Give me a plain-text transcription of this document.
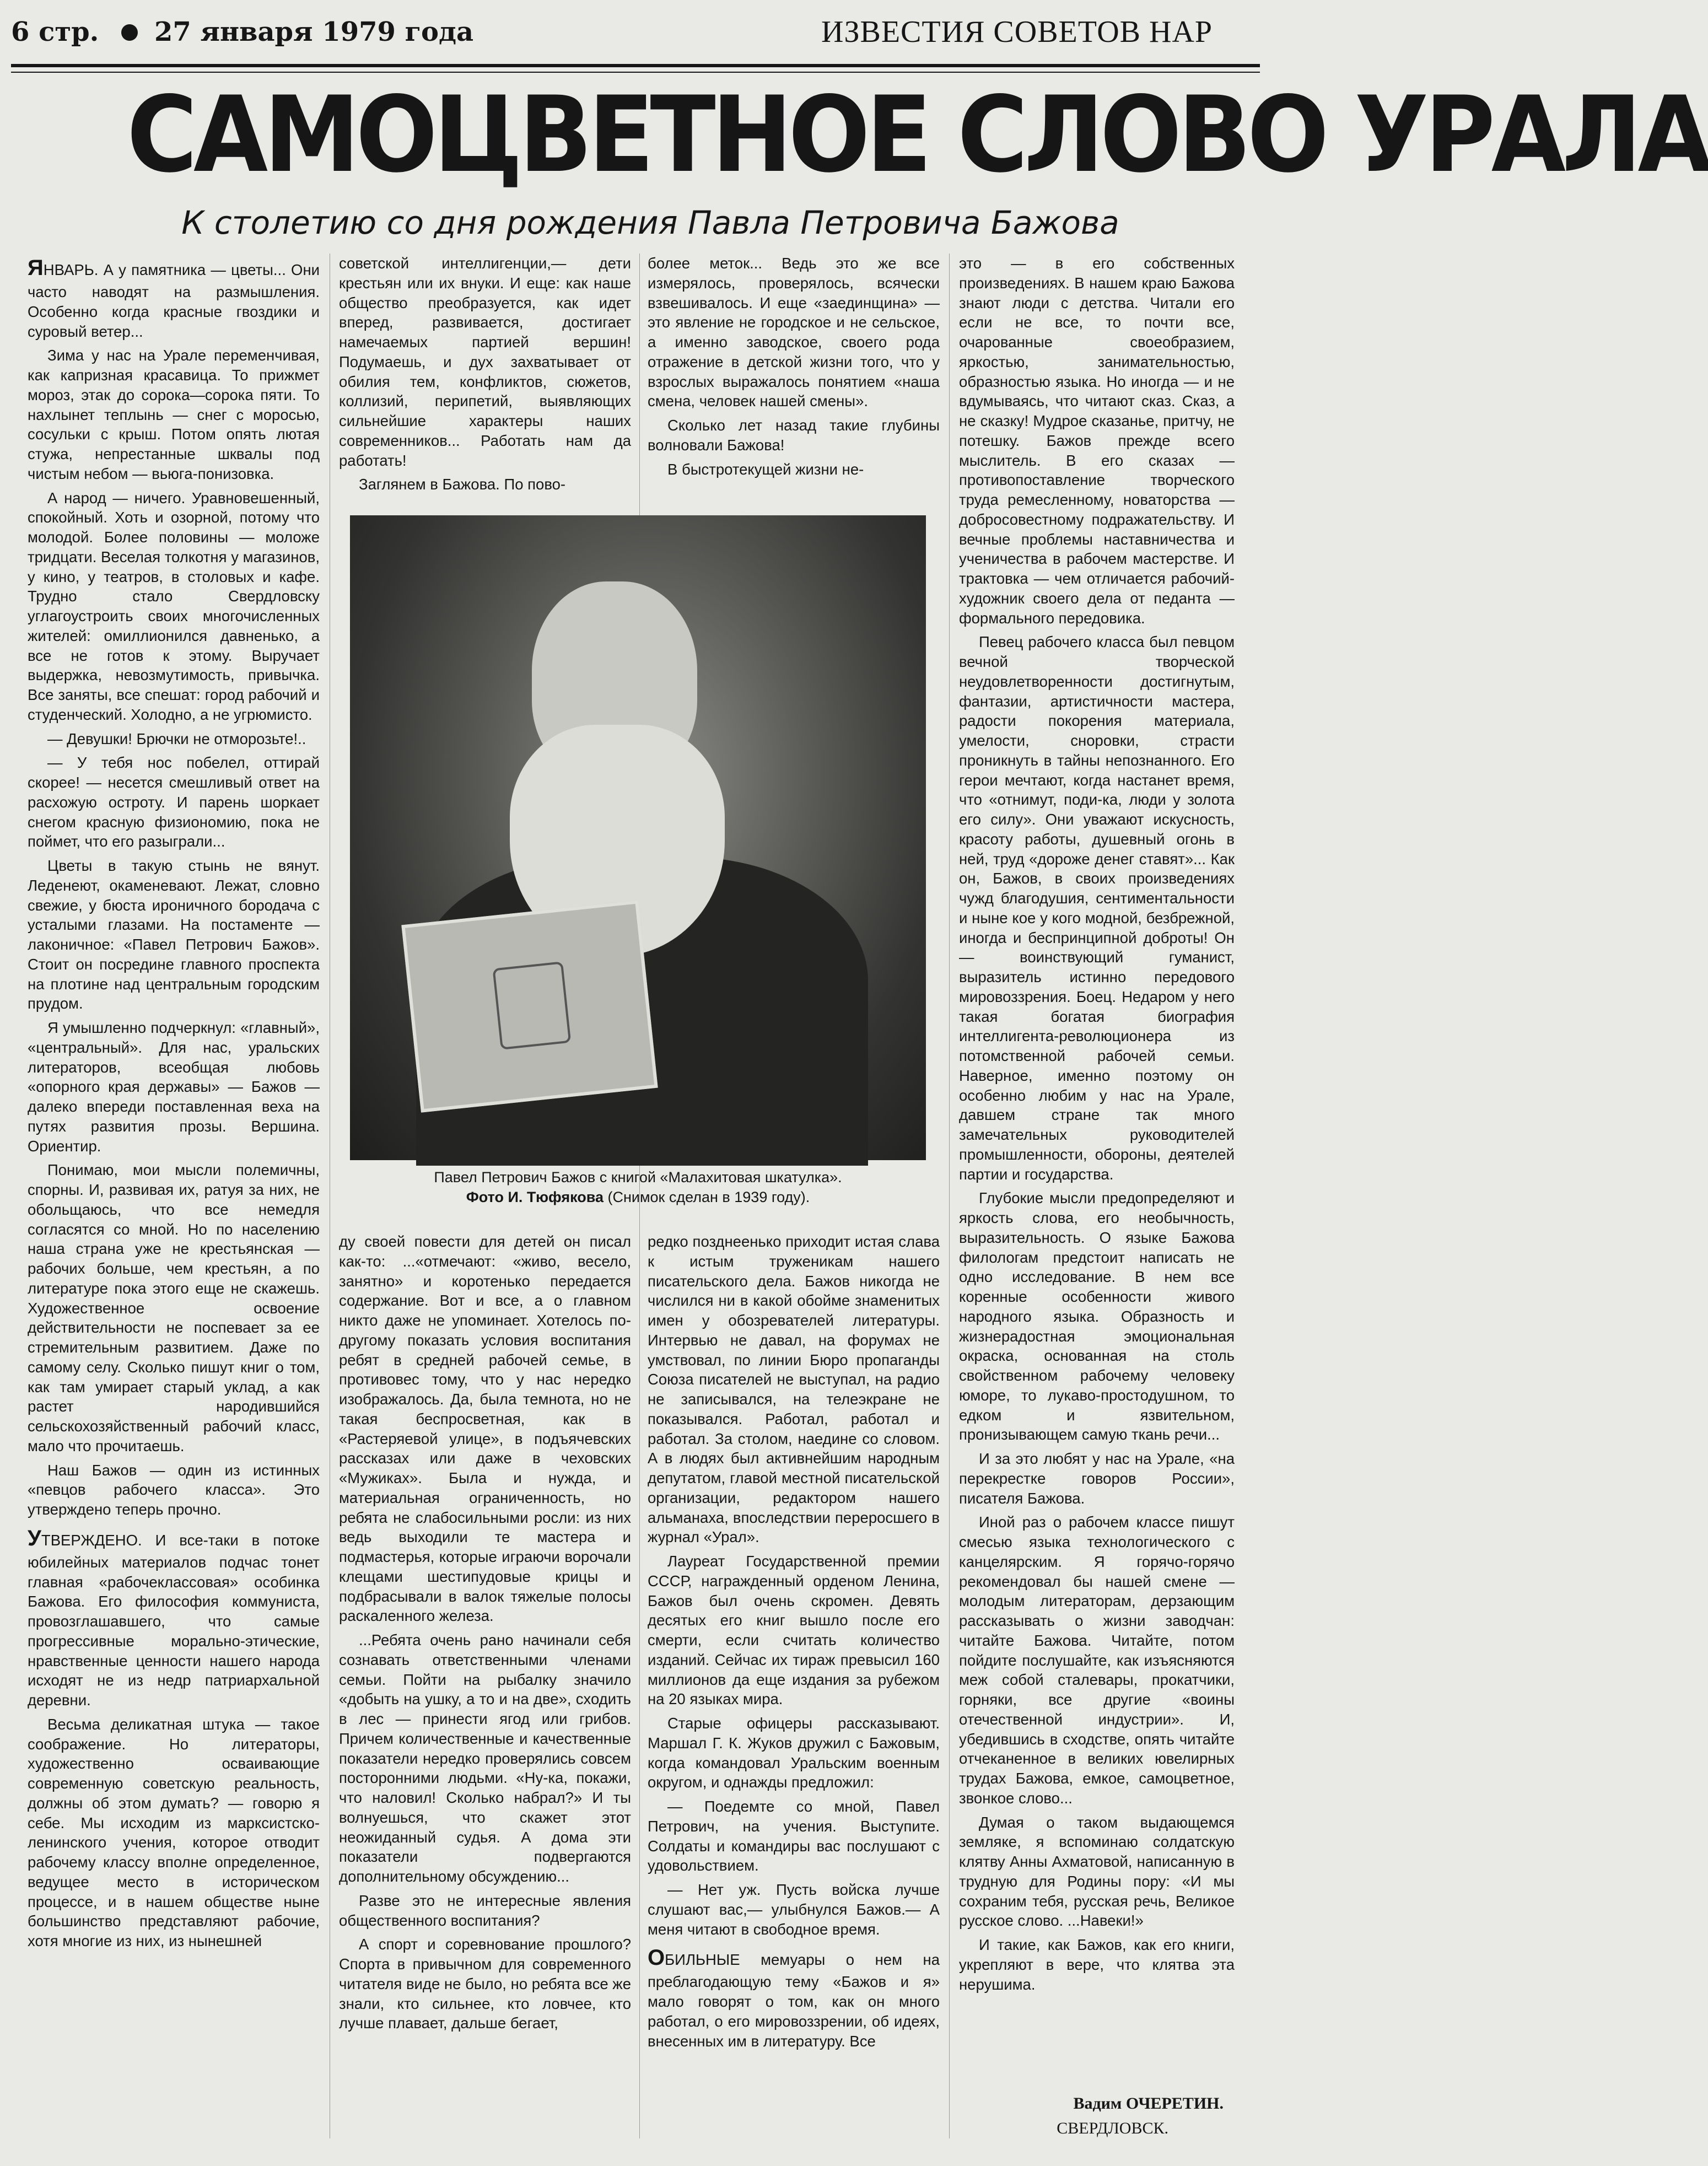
6 стр. 27 января 1979 года	ИЗВЕСТИЯ СОВЕТОВ НАР
САМОЦВЕТНОЕ СЛОВО УРАЛА
К столетию со дня рождения Павла Петровича Бажова

ЯНВАРЬ. А у памятника — цветы... Они часто наводят на размышления. Особенно когда красные гвоздики и суровый ветер...

Зима у нас на Урале переменчивая, как капризная красавица. То прижмет мороз, этак до сорока—сорока пяти. То нахлынет теплынь — снег с моросью, сосульки с крыш. Потом опять лютая стужа, непрестанные шквалы под чистым небом — вьюга-понизовка.

А народ — ничего. Уравновешенный, спокойный. Хоть и озорной, потому что молодой. Более половины — моложе тридцати. Веселая толкотня у магазинов, у кино, у театров, в столовых и кафе. Трудно стало Свердловску углагоустроить своих многочисленных жителей: омиллионился давненько, а все не готов к этому. Выручает выдержка, невозмутимость, привычка. Все заняты, все спешат: город рабочий и студенческий. Холодно, а не угрюмисто.

— Девушки! Брючки не отморозьте!..

— У тебя нос побелел, оттирай скорее! — несется смешливый ответ на расхожую остроту. И парень шоркает снегом красную физиономию, пока не поймет, что его разыграли...

Цветы в такую стынь не вянут. Леденеют, окаменевают. Лежат, словно свежие, у бюста ироничного бородача с усталыми глазами. На постаменте — лаконичное: «Павел Петрович Бажов». Стоит он посредине главного проспекта на плотине над центральным городским прудом.

Я умышленно подчеркнул: «главный», «центральный». Для нас, уральских литераторов, всеобщая любовь «опорного края державы» — Бажов — далеко впереди поставленная веха на путях развития прозы. Вершина. Ориентир.

Понимаю, мои мысли полемичны, спорны. И, развивая их, ратуя за них, не обольщаюсь, что все немедля согласятся со мной. Но по населению наша страна уже не крестьянская — рабочих больше, чем крестьян, а по литературе пока этого еще не скажешь. Художественное освоение действительности не поспевает за ее стремительным развитием. Даже по самому селу. Сколько пишут книг о том, как там умирает старый уклад, а как растет народившийся сельскохозяйственный рабочий класс, мало что прочитаешь.

Наш Бажов — один из истинных «певцов рабочего класса». Это утверждено теперь прочно.

УТВЕРЖДЕНО. И все-таки в потоке юбилейных материалов подчас тонет главная «рабочеклассовая» особинка Бажова. Его философия коммуниста, провозглашавшего, что самые прогрессивные морально-этические, нравственные ценности нашего народа исходят не из недр патриархальной деревни.

Весьма деликатная штука — такое соображение. Но литераторы, художественно осваивающие современную советскую реальность, должны об этом думать? — говорю я себе. Мы исходим из марксистско-ленинского учения, которое отводит рабочему классу вполне определенное, ведущее место в историческом процессе, и в нашем обществе ныне большинство представляют рабочие, хотя многие из них, из нынешней

советской интеллигенции,— дети крестьян или их внуки. И еще: как наше общество преобразуется, как идет вперед, развивается, достигает намечаемых партией вершин! Подумаешь, и дух захватывает от обилия тем, конфликтов, сюжетов, коллизий, перипетий, выявляющих сильнейшие характеры наших современников... Работать нам да работать!

Заглянем в Бажова. По пово-

более меток... Ведь это же все измерялось, проверялось, всячески взвешивалось. И еще «заединщина» — это явление не городское и не сельское, а именно заводское, своего рода отражение в детской жизни того, что у взрослых выражалось понятием «наша смена, человек нашей смены».

Сколько лет назад такие глубины волновали Бажова!

В быстротекущей жизни не-

Павел Петрович Бажов с книгой «Малахитовая шкатулка».
Фото И. Тюфякова (Снимок сделан в 1939 году).

ду своей повести для детей он писал как-то: ...«отмечают: «живо, весело, занятно» и коротенько передается содержание. Вот и все, а о главном никто даже не упоминает. Хотелось по-другому показать условия воспитания ребят в средней рабочей семье, в противовес тому, что у нас нередко изображалось. Да, была темнота, но не такая беспросветная, как в «Растеряевой улице», в подъячевских рассказах или даже в чеховских «Мужиках». Была и нужда, и материальная ограниченность, но ребята не слабосильными росли: из них ведь выходили те мастера и подмастерья, которые играючи ворочали клещами шестипудовые крицы и подбрасывали в валок тяжелые полосы раскаленного железа.

...Ребята очень рано начинали себя сознавать ответственными членами семьи. Пойти на рыбалку значило «добыть на ушку, а то и на две», сходить в лес — принести ягод или грибов. Причем количественные и качественные показатели нередко проверялись совсем посторонними людьми. «Ну-ка, покажи, что наловил! Сколько набрал?» И ты волнуешься, что скажет этот неожиданный судья. А дома эти показатели подвергаются дополнительному обсуждению...

Разве это не интересные явления общественного воспитания?

А спорт и соревнование прошлого? Спорта в привычном для современного читателя виде не было, но ребята все же знали, кто сильнее, кто ловчее, кто лучше плавает, дальше бегает,

редко позднеенько приходит истая слава к истым труженикам нашего писательского дела. Бажов никогда не числился ни в какой обойме знаменитых имен у обозревателей литературы. Интервью не давал, на форумах не умствовал, по линии Бюро пропаганды Союза писателей не выступал, на радио не записывался, на телеэкране не показывался. Работал, работал и работал. За столом, наедине со словом. А в людях был активнейшим народным депутатом, главой местной писательской организации, редактором нашего альманаха, впоследствии переросшего в журнал «Урал».

Лауреат Государственной премии СССР, награжденный орденом Ленина, Бажов был очень скромен. Девять десятых его книг вышло после его смерти, если считать количество изданий. Сейчас их тираж превысил 160 миллионов да еще издания за рубежом на 20 языках мира.

Старые офицеры рассказывают. Маршал Г. К. Жуков дружил с Бажовым, когда командовал Уральским военным округом, и однажды предложил:

— Поедемте со мной, Павел Петрович, на учения. Выступите. Солдаты и командиры вас послушают с удовольствием.

— Нет уж. Пусть войска лучше слушают вас,— улыбнулся Бажов.— А меня читают в свободное время.

ОБИЛЬНЫЕ мемуары о нем на преблагодающую тему «Бажов и я» мало говорят о том, как он много работал, о его мировоззрении, об идеях, внесенных им в литературу. Все

это — в его собственных произведениях. В нашем краю Бажова знают люди с детства. Читали его если не все, то почти все, очарованные своеобразием, яркостью, занимательностью, образностью языка. Но иногда — и не вдумываясь, что читают сказ. Сказ, а не сказку! Мудрое сказанье, притчу, не потешку. Бажов прежде всего мыслитель. В его сказах — противопоставление творческого труда ремесленному, новаторства — добросовестному подражательству. И вечные проблемы наставничества и ученичества в рабочем мастерстве. И трактовка — чем отличается рабочий-художник своего дела от педанта — формального передовика.

Певец рабочего класса был певцом вечной творческой неудовлетворенности достигнутым, фантазии, артистичности мастера, радости покорения материала, умелости, сноровки, страсти проникнуть в тайны непознанного. Его герои мечтают, когда настанет время, что «отнимут, поди-ка, люди у золота его силу». Они уважают искусность, красоту работы, душевный огонь в ней, труд «дороже денег ставят»... Как он, Бажов, в своих произведениях чужд благодушия, сентиментальности и ныне кое у кого модной, безбрежной, иногда и беспринципной доброты! Он — воинствующий гуманист, выразитель истинно передового мировоззрения. Боец. Недаром у него такая богатая биография интеллигента-революционера из потомственной рабочей семьи. Наверное, именно поэтому он особенно любим у нас на Урале, давшем стране так много замечательных руководителей промышленности, обороны, деятелей партии и государства.

Глубокие мысли предопределяют и яркость слова, его необычность, выразительность. О языке Бажова филологам предстоит написать не одно исследование. В нем все коренные особенности живого народного языка. Образность и жизнерадостная эмоциональная окраска, основанная на столь свойственном рабочему человеку юморе, то лукаво-простодушном, то едком и язвительном, пронизывающем самую ткань речи...

И за это любят у нас на Урале, «на перекрестке говоров России», писателя Бажова.

Иной раз о рабочем классе пишут смесью языка технологического с канцелярским. Я горячо-горячо рекомендовал бы нашей смене — молодым литераторам, дерзающим рассказывать о жизни заводчан: читайте Бажова. Читайте, потом пойдите послушайте, как изъясняются меж собой сталевары, прокатчики, горняки, все другие «воины отечественной индустрии». И, убедившись в сходстве, опять читайте отчеканенное в великих ювелирных трудах Бажова, емкое, самоцветное, звонкое слово...

Думая о таком выдающемся земляке, я вспоминаю солдатскую клятву Анны Ахматовой, написанную в трудную для Родины пору: «И мы сохраним тебя, русская речь, Великое русское слово. ...Навеки!»

И такие, как Бажов, как его книги, укрепляют в вере, что клятва эта нерушима.

Вадим ОЧЕРЕТИН.
СВЕРДЛОВСК.
